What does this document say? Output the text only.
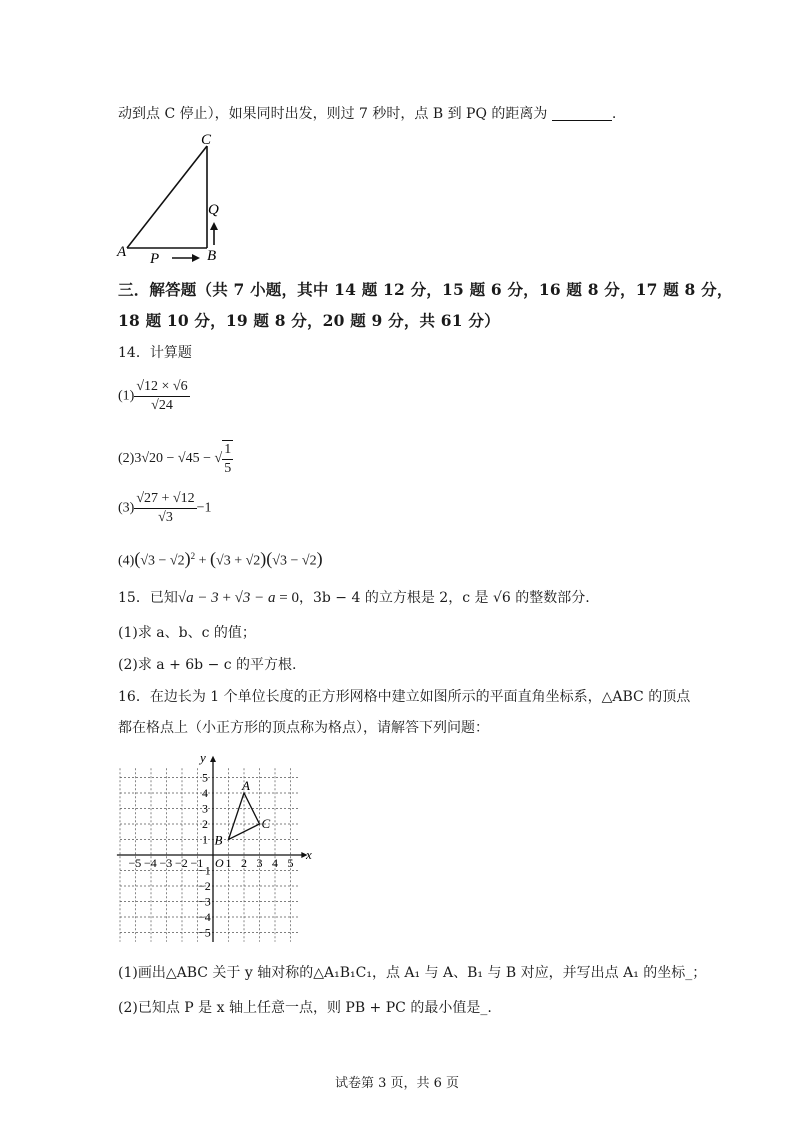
动到点 C 停止），如果同时出发，则过 7 秒时，点 B 到 PQ 的距离为	.
C
Q
A	B
P
三．解答题（共 7 小题，其中 14 题 12 分，15 题 6 分，16 题 8 分，17 题 8 分，
18 题 10 分，19 题 8 分，20 题 9 分，共 61 分）
14．计算题
$(1) \frac{√12 \times √6}{√24}$
(2)3√20 − √45 − √ $\frac{1}{5}$
$(3) \frac{√27 + √12}{√3} -1$
$(4)(√3 - √2)^2 + (√3 + √2)(√3 - √2)$
15．已知√a − 3 + √3 − a = 0，3b − 4 的立方根是 2，c 是 √6 的整数部分.
(1)求 a、b、c 的值；
(2)求 a + 6b − c 的平方根.
16．在边长为 1 个单位长度的正方形网格中建立如图所示的平面直角坐标系，△ABC 的顶点
都在格点上（小正方形的顶点称为格点），请解答下列问题：
x
y
O
−5 −4 −3 −2 −1 1 2 3 4 5
1
2
3
4
5
−1
−2
−3
−4
−5
A
B
C
(1)画出△ABC 关于 y 轴对称的△A₁B₁C₁，点 A₁ 与 A、B₁ 与 B 对应，并写出点 A₁ 的坐标_；
(2)已知点 P 是 x 轴上任意一点，则 PB + PC 的最小值是_.
试卷第 3 页，共 6 页
